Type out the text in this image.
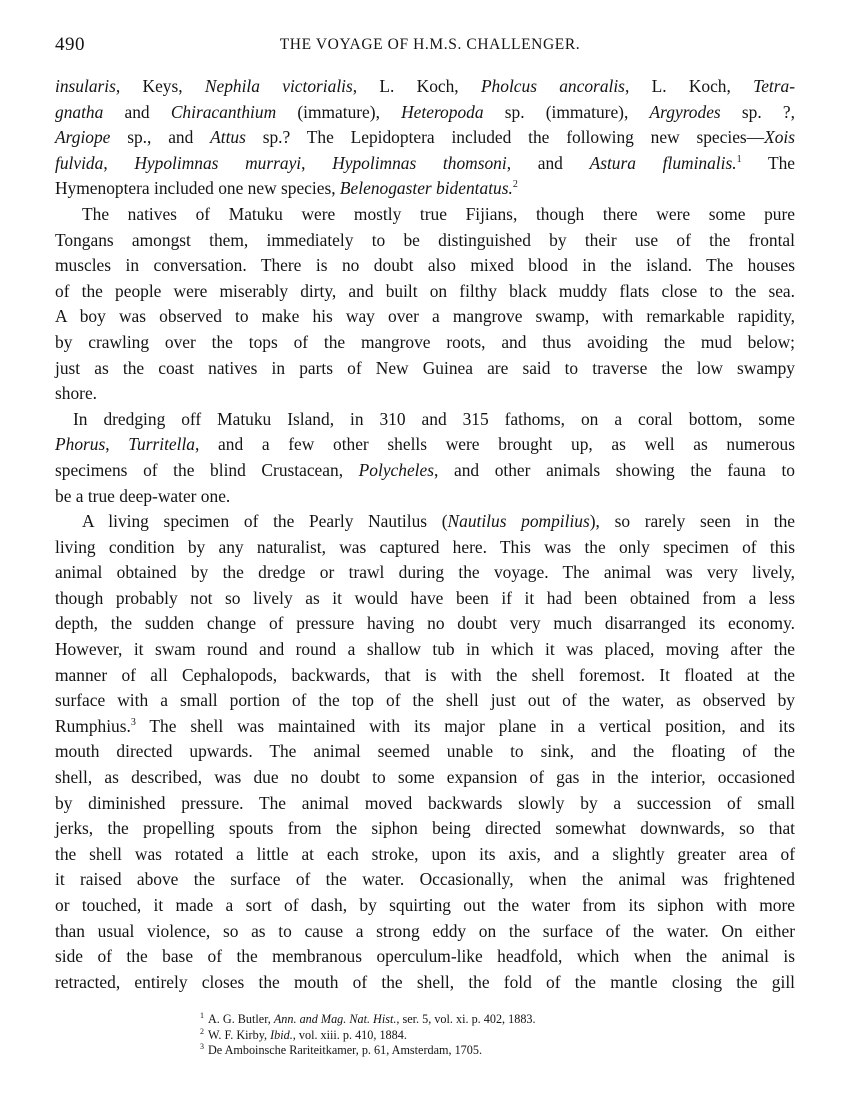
490	THE VOYAGE OF H.M.S. CHALLENGER.
insularis, Keys, Nephila victorialis, L. Koch, Pholcus ancoralis, L. Koch, Tetra-
gnatha and Chiracanthium (immature), Heteropoda sp. (immature), Argyrodes sp. ?,
Argiope sp., and Attus sp.? The Lepidoptera included the following new species—Xois
fulvida, Hypolimnas murrayi, Hypolimnas thomsoni, and Astura fluminalis.$^1$ The
Hymenoptera included one new species, Belenogaster bidentatus.$^2$
The natives of Matuku were mostly true Fijians, though there were some pure
Tongans amongst them, immediately to be distinguished by their use of the frontal
muscles in conversation. There is no doubt also mixed blood in the island. The houses
of the people were miserably dirty, and built on filthy black muddy flats close to the sea.
A boy was observed to make his way over a mangrove swamp, with remarkable rapidity,
by crawling over the tops of the mangrove roots, and thus avoiding the mud below;
just as the coast natives in parts of New Guinea are said to traverse the low swampy
shore.
In dredging off Matuku Island, in 310 and 315 fathoms, on a coral bottom, some
Phorus, Turritella, and a few other shells were brought up, as well as numerous
specimens of the blind Crustacean, Polycheles, and other animals showing the fauna to
be a true deep-water one.
A living specimen of the Pearly Nautilus (Nautilus pompilius), so rarely seen in the
living condition by any naturalist, was captured here. This was the only specimen of this
animal obtained by the dredge or trawl during the voyage. The animal was very lively,
though probably not so lively as it would have been if it had been obtained from a less
depth, the sudden change of pressure having no doubt very much disarranged its economy.
However, it swam round and round a shallow tub in which it was placed, moving after the
manner of all Cephalopods, backwards, that is with the shell foremost. It floated at the
surface with a small portion of the top of the shell just out of the water, as observed by
Rumphius.$^3$ The shell was maintained with its major plane in a vertical position, and its
mouth directed upwards. The animal seemed unable to sink, and the floating of the
shell, as described, was due no doubt to some expansion of gas in the interior, occasioned
by diminished pressure. The animal moved backwards slowly by a succession of small
jerks, the propelling spouts from the siphon being directed somewhat downwards, so that
the shell was rotated a little at each stroke, upon its axis, and a slightly greater area of
it raised above the surface of the water. Occasionally, when the animal was frightened
or touched, it made a sort of dash, by squirting out the water from its siphon with more
than usual violence, so as to cause a strong eddy on the surface of the water. On either
side of the base of the membranous operculum-like headfold, which when the animal is
retracted, entirely closes the mouth of the shell, the fold of the mantle closing the gill
$^1$ A. G. Butler, Ann. and Mag. Nat. Hist., ser. 5, vol. xi. p. 402, 1883.
$^2$ W. F. Kirby, Ibid., vol. xiii. p. 410, 1884.
$^3$ De Amboinsche Rariteitkamer, p. 61, Amsterdam, 1705.
